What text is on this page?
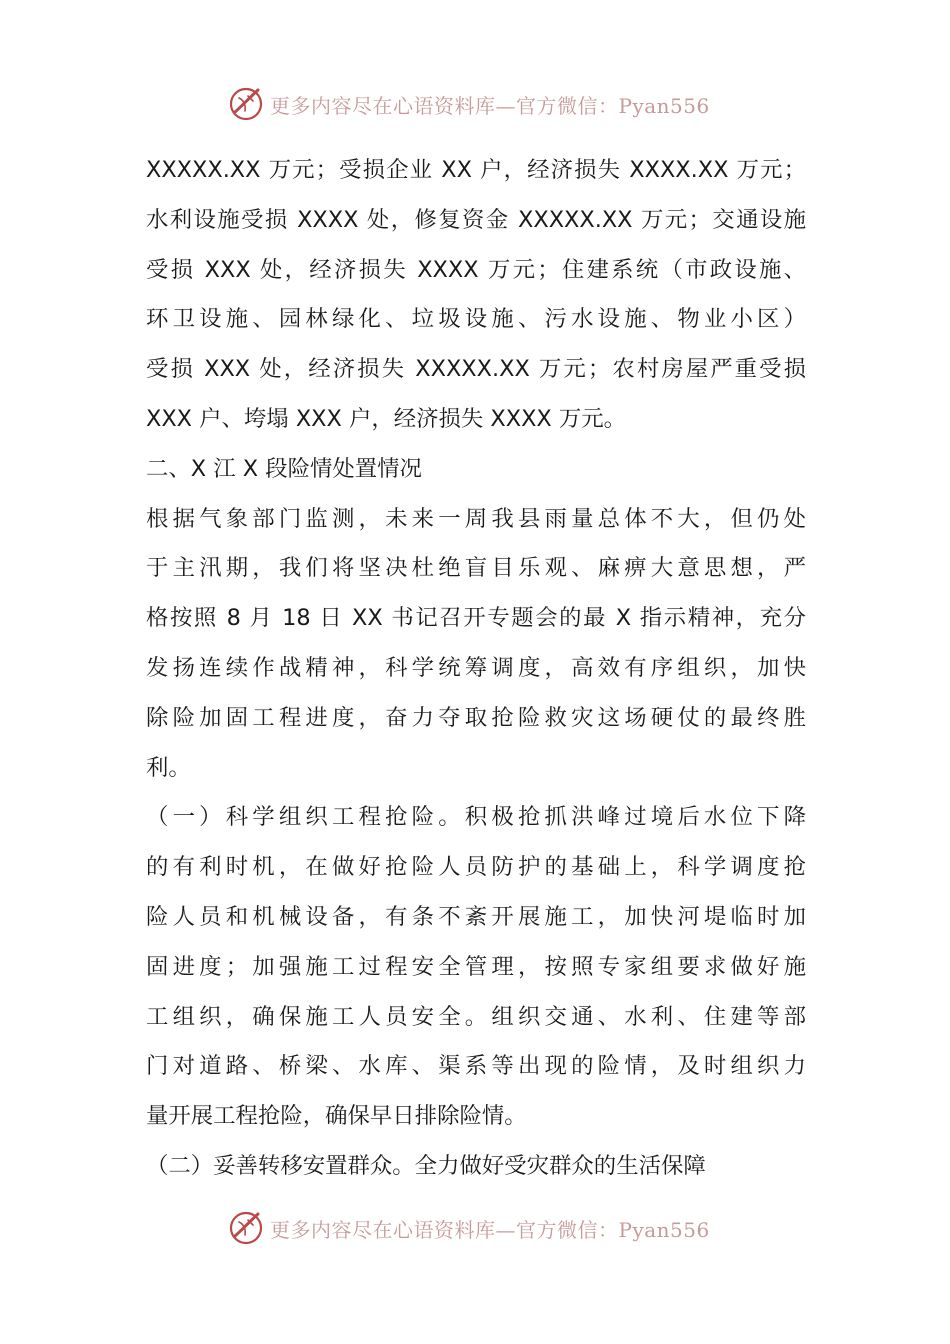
更多内容尽在心语资料库—官方微信：Pyan556
XXXXX.XX 万元；受损企业 XX 户，经济损失 XXXX.XX 万元；
水利设施受损 XXXX 处，修复资金 XXXXX.XX 万元；交通设施
受损 XXX 处，经济损失 XXXX 万元；住建系统（市政设施、
环卫设施、园林绿化、垃圾设施、污水设施、物业小区）
受损 XXX 处，经济损失 XXXXX.XX 万元；农村房屋严重受损
XXX 户、垮塌 XXX 户，经济损失 XXXX 万元。
二、X 江 X 段险情处置情况
根据气象部门监测，未来一周我县雨量总体不大，但仍处
于主汛期，我们将坚决杜绝盲目乐观、麻痹大意思想，严
格按照 8 月 18 日 XX 书记召开专题会的最 X 指示精神，充分
发扬连续作战精神，科学统筹调度，高效有序组织，加快
除险加固工程进度，奋力夺取抢险救灾这场硬仗的最终胜
利。
（一）科学组织工程抢险。积极抢抓洪峰过境后水位下降
的有利时机，在做好抢险人员防护的基础上，科学调度抢
险人员和机械设备，有条不紊开展施工，加快河堤临时加
固进度；加强施工过程安全管理，按照专家组要求做好施
工组织，确保施工人员安全。组织交通、水利、住建等部
门对道路、桥梁、水库、渠系等出现的险情，及时组织力
量开展工程抢险，确保早日排除险情。
（二）妥善转移安置群众。全力做好受灾群众的生活保障
更多内容尽在心语资料库—官方微信：Pyan556
